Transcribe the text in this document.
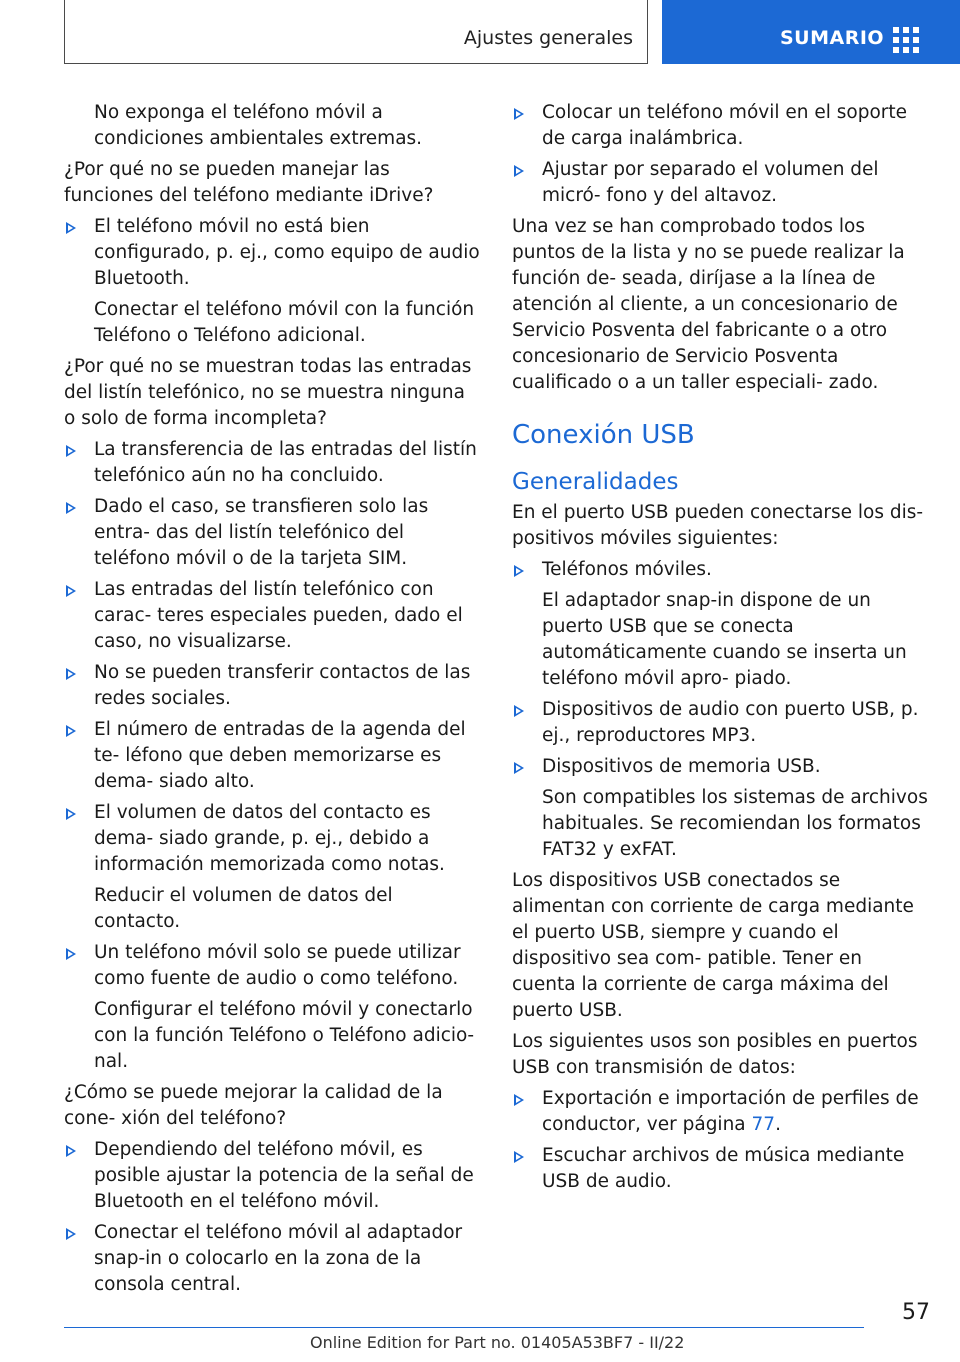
Ajustes generales	SUMARIO

No exponga el teléfono móvil a condiciones ambientales extremas.

¿Por qué no se pueden manejar las funciones del teléfono mediante iDrive?

El teléfono móvil no está bien configurado, p. ej., como equipo de audio Bluetooth.

Conectar el teléfono móvil con la función Teléfono o Teléfono adicional.

¿Por qué no se muestran todas las entradas del listín telefónico, no se muestra ninguna o solo de forma incompleta?

La transferencia de las entradas del listín telefónico aún no ha concluido.
Dado el caso, se transfieren solo las entra‐ das del listín telefónico del teléfono móvil o de la tarjeta SIM.
Las entradas del listín telefónico con carac‐ teres especiales pueden, dado el caso, no visualizarse.
No se pueden transferir contactos de las redes sociales.
El número de entradas de la agenda del te‐ léfono que deben memorizarse es dema‐ siado alto.
El volumen de datos del contacto es dema‐ siado grande, p. ej., debido a información memorizada como notas.

Reducir el volumen de datos del contacto.

Un teléfono móvil solo se puede utilizar como fuente de audio o como teléfono.

Configurar el teléfono móvil y conectarlo con la función Teléfono o Teléfono adicio‐ nal.

¿Cómo se puede mejorar la calidad de la cone‐ xión del teléfono?

Dependiendo del teléfono móvil, es posible ajustar la potencia de la señal de Bluetooth en el teléfono móvil.
Conectar el teléfono móvil al adaptador snap-in o colocarlo en la zona de la consola central.
Colocar un teléfono móvil en el soporte de carga inalámbrica.
Ajustar por separado el volumen del micró‐ fono y del altavoz.

Una vez se han comprobado todos los puntos de la lista y no se puede realizar la función de‐ seada, diríjase a la línea de atención al cliente, a un concesionario de Servicio Posventa del fabricante o a otro concesionario de Servicio Posventa cualificado o a un taller especiali‐ zado.

Conexión USB
Generalidades

En el puerto USB pueden conectarse los dis‐ positivos móviles siguientes:

Teléfonos móviles.

El adaptador snap-in dispone de un puerto USB que se conecta automáticamente cuando se inserta un teléfono móvil apro‐ piado.

Dispositivos de audio con puerto USB, p. ej., reproductores MP3.
Dispositivos de memoria USB.

Son compatibles los sistemas de archivos habituales. Se recomiendan los formatos FAT32 y exFAT.

Los dispositivos USB conectados se alimentan con corriente de carga mediante el puerto USB, siempre y cuando el dispositivo sea com‐ patible. Tener en cuenta la corriente de carga máxima del puerto USB.

Los siguientes usos son posibles en puertos USB con transmisión de datos:

Exportación e importación de perfiles de conductor, ver página 77.
Escuchar archivos de música mediante USB de audio.
57
Online Edition for Part no. 01405A53BF7 - II/22
